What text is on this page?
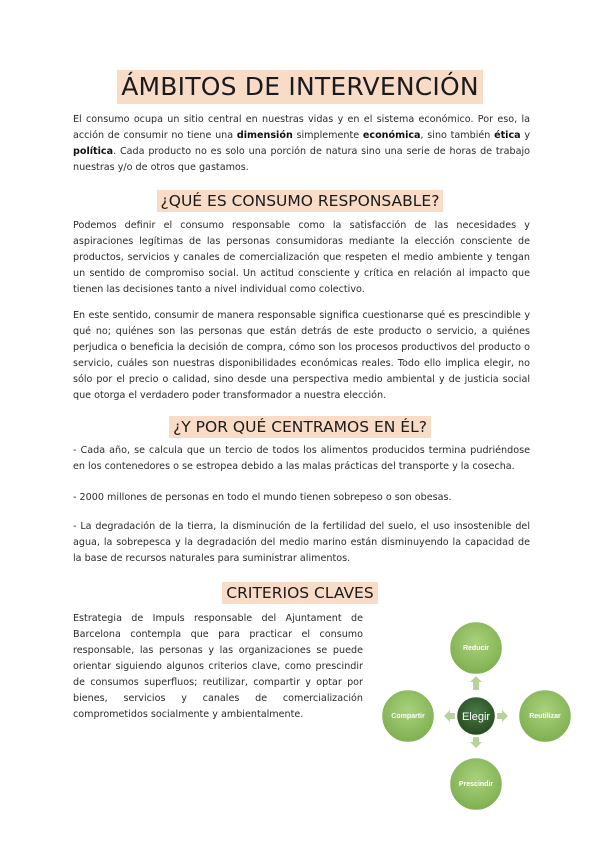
ÁMBITOS DE INTERVENCIÓN

El consumo ocupa un sitio central en nuestras vidas y en el sistema económico. Por eso, la acción de consumir no tiene una dimensión simplemente económica, sino también ética y política. Cada producto no es solo una porción de natura sino una serie de horas de trabajo nuestras y/o de otros que gastamos.

¿QUÉ ES CONSUMO RESPONSABLE?

Podemos definir el consumo responsable como la satisfacción de las necesidades y aspiraciones legítimas de las personas consumidoras mediante la elección consciente de productos, servicios y canales de comercialización que respeten el medio ambiente y tengan un sentido de compromiso social. Un actitud consciente y crítica en relación al impacto que tienen las decisiones tanto a nivel individual como colectivo.

En este sentido, consumir de manera responsable significa cuestionarse qué es prescindible y qué no; quiénes son las personas que están detrás de este producto o servicio, a quiénes perjudica o beneficia la decisión de compra, cómo son los procesos productivos del producto o servicio, cuáles son nuestras disponibilidades económicas reales. Todo ello implica elegir, no sólo por el precio o calidad, sino desde una perspectiva medio ambiental y de justicia social que otorga el verdadero poder transformador a nuestra elección.

¿Y POR QUÉ CENTRAMOS EN ÉL?

- Cada año, se calcula que un tercio de todos los alimentos producidos termina pudriéndose en los contenedores o se estropea debido a las malas prácticas del transporte y la cosecha.

- 2000 millones de personas en todo el mundo tienen sobrepeso o son obesas.

- La degradación de la tierra, la disminución de la fertilidad del suelo, el uso insostenible del agua, la sobrepesca y la degradación del medio marino están disminuyendo la capacidad de la base de recursos naturales para suministrar alimentos.

CRITERIOS CLAVES

Estrategia de Impuls responsable del Ajuntament de Barcelona contempla que para practicar el consumo responsable, las personas y las organizaciones se puede orientar siguiendo algunos criterios clave, como prescindir de consumos superfluos; reutilizar, compartir y optar por bienes, servicios y canales de comercialización comprometidos socialmente y ambientalmente.

Reducir
Reutilizar
Prescindir
Compartir	Elegir
